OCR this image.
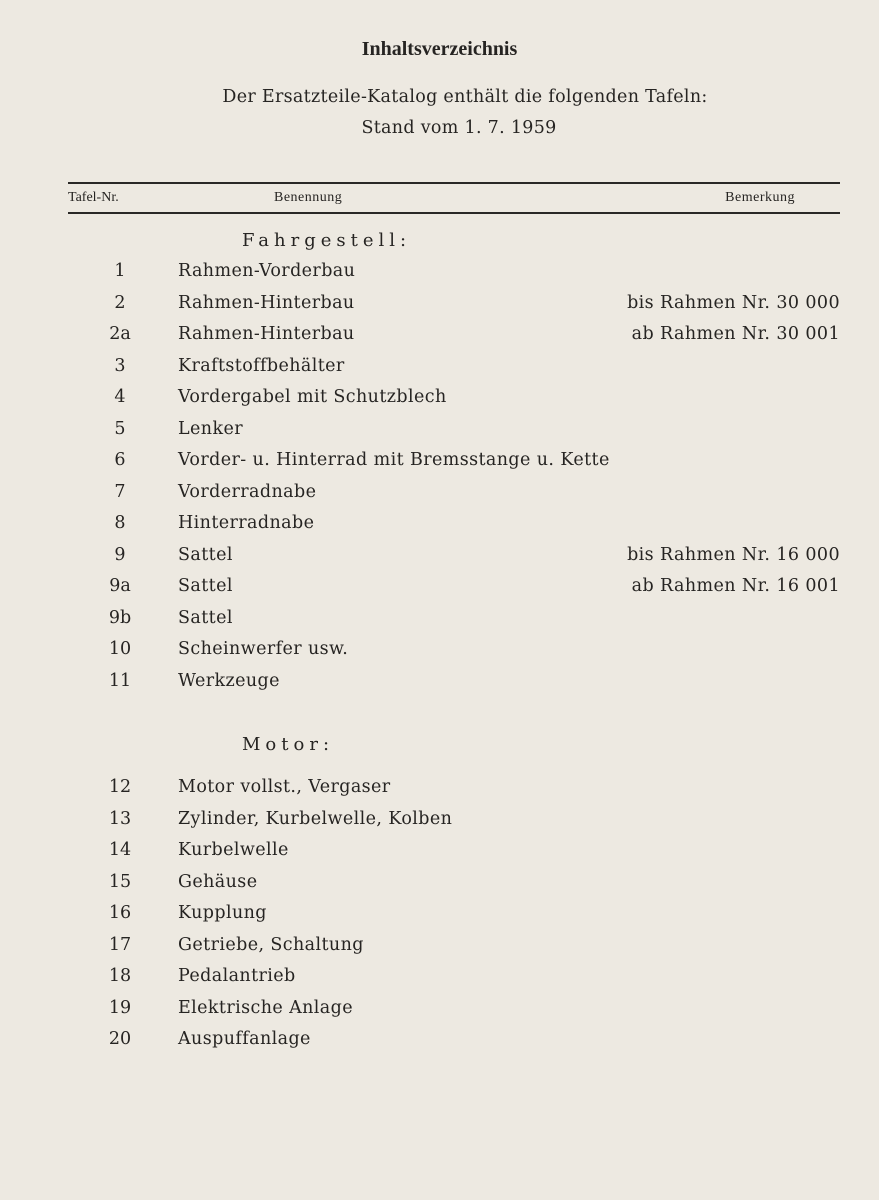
Inhaltsverzeichnis
Der Ersatzteile-Katalog enthält die folgenden Tafeln:
Stand vom 1. 7. 1959
Tafel-Nr.	Benennung	Bemerkung
Fahrgestell:
1	Rahmen-Vorderbau
2	Rahmen-Hinterbau	bis Rahmen Nr. 30 000
2a	Rahmen-Hinterbau	ab Rahmen Nr. 30 001
3	Kraftstoffbehälter
4	Vordergabel mit Schutzblech
5	Lenker
6	Vorder- u. Hinterrad mit Bremsstange u. Kette
7	Vorderradnabe
8	Hinterradnabe
9	Sattel	bis Rahmen Nr. 16 000
9a	Sattel	ab Rahmen Nr. 16 001
9b	Sattel
10	Scheinwerfer usw.
11	Werkzeuge
Motor:
12	Motor vollst., Vergaser
13	Zylinder, Kurbelwelle, Kolben
14	Kurbelwelle
15	Gehäuse
16	Kupplung
17	Getriebe, Schaltung
18	Pedalantrieb
19	Elektrische Anlage
20	Auspuffanlage
